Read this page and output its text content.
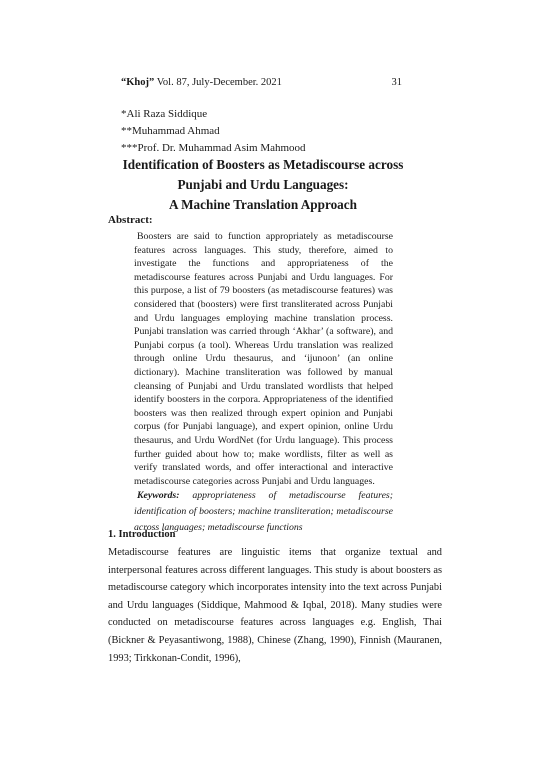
“Khoj” Vol. 87, July-December. 2021	31
*Ali Raza Siddique
**Muhammad Ahmad
***Prof. Dr. Muhammad Asim Mahmood
Identification of Boosters as Metadiscourse across
Punjabi and Urdu Languages:
A Machine Translation Approach
Abstract:

Boosters are said to function appropriately as metadiscourse features across languages. This study, therefore, aimed to investigate the functions and appropriateness of the metadiscourse features across Punjabi and Urdu languages. For this purpose, a list of 79 boosters (as metadiscourse features) was considered that (boosters) were first transliterated across Punjabi and Urdu languages employing machine translation process. Punjabi translation was carried through ‘Akhar’ (a software), and Punjabi corpus (a tool). Whereas Urdu translation was realized through online Urdu thesaurus, and ‘ijunoon’ (an online dictionary). Machine transliteration was followed by manual cleansing of Punjabi and Urdu translated wordlists that helped identify boosters in the corpora. Appropriateness of the identified boosters was then realized through expert opinion and Punjabi corpus (for Punjabi language), and expert opinion, online Urdu thesaurus, and Urdu WordNet (for Urdu language). This process further guided about how to; make wordlists, filter as well as verify translated words, and offer interactional and interactive metadiscourse categories across Punjabi and Urdu languages.

Keywords: appropriateness of metadiscourse features; identification of boosters; machine transliteration; metadiscourse across languages; metadiscourse functions

1. Introduction

Metadiscourse features are linguistic items that organize textual and interpersonal features across different languages. This study is about boosters as metadiscourse category which incorporates intensity into the text across Punjabi and Urdu languages (Siddique, Mahmood & Iqbal, 2018). Many studies were conducted on metadiscourse features across languages e.g. English, Thai (Bickner & Peyasantiwong, 1988), Chinese (Zhang, 1990), Finnish (Mauranen, 1993; Tirkkonan-Condit, 1996),
